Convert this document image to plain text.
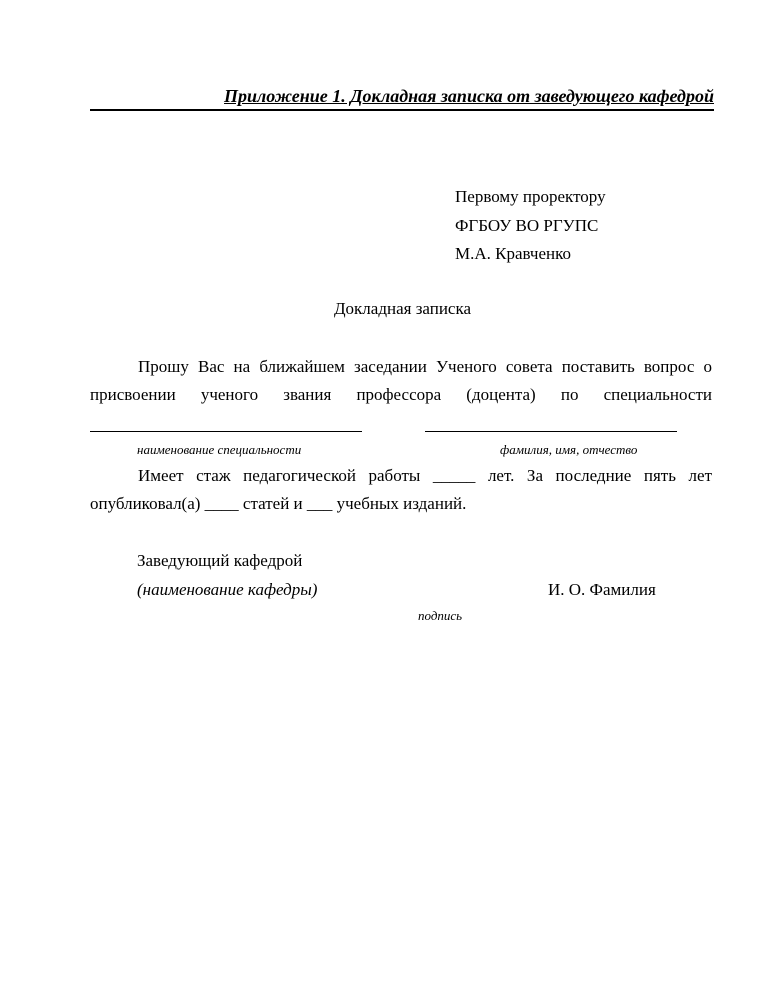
Приложение 1. Докладная записка от заведующего кафедрой
Первому проректору
ФГБОУ ВО РГУПС
М.А. Кравченко
Докладная записка
Прошу Вас на ближайшем заседании Ученого совета поставить вопрос о
присвоении ученого звания профессора (доцента) по специальности
наименование специальности	фамилия, имя, отчество
Имеет стаж педагогической работы _____ лет. За последние пять лет
опубликовал(а) ____ статей и ___ учебных изданий.
Заведующий кафедрой
(наименование кафедры)	И. О. Фамилия
подпись
